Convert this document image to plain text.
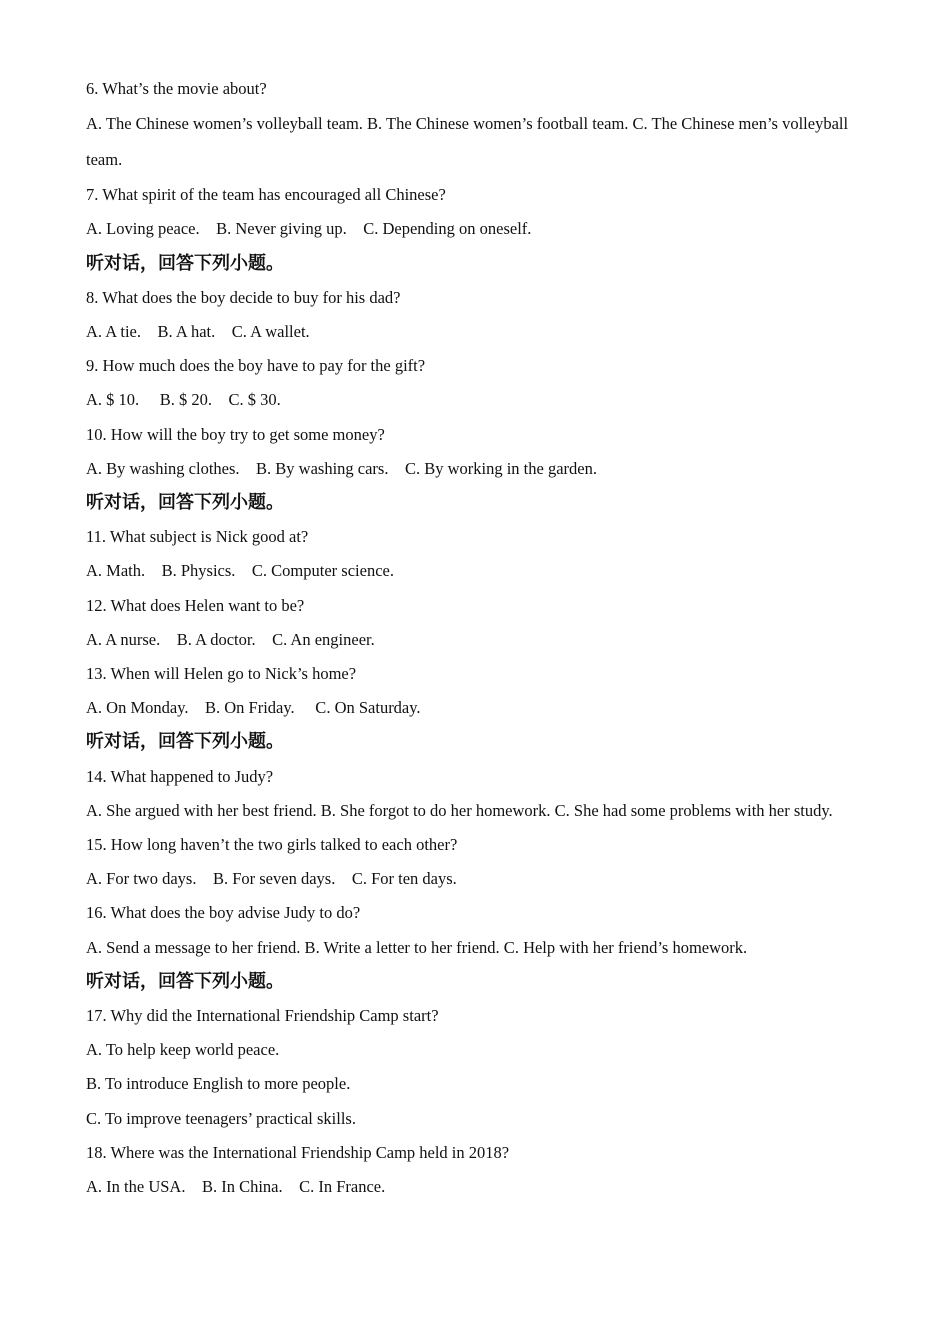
6. What’s the movie about?
A. The Chinese women’s volleyball team. B. The Chinese women’s football team. C. The Chinese men’s volleyball team.
7. What spirit of the team has encouraged all Chinese?
A. Loving peace.    B. Never giving up.    C. Depending on oneself.
听对话，回答下列小题。
8. What does the boy decide to buy for his dad?
A. A tie.    B. A hat.    C. A wallet.
9. How much does the boy have to pay for the gift?
A. $ 10.     B. $ 20.    C. $ 30.
10. How will the boy try to get some money?
A. By washing clothes.    B. By washing cars.    C. By working in the garden.
听对话，回答下列小题。
11. What subject is Nick good at?
A. Math.    B. Physics.    C. Computer science.
12. What does Helen want to be?
A. A nurse.    B. A doctor.    C. An engineer.
13. When will Helen go to Nick’s home?
A. On Monday.    B. On Friday.     C. On Saturday.
听对话，回答下列小题。
14. What happened to Judy?
A. She argued with her best friend. B. She forgot to do her homework. C. She had some problems with her study.
15. How long haven’t the two girls talked to each other?
A. For two days.    B. For seven days.    C. For ten days.
16. What does the boy advise Judy to do?
A. Send a message to her friend. B. Write a letter to her friend. C. Help with her friend’s homework.
听对话，回答下列小题。
17. Why did the International Friendship Camp start?
A. To help keep world peace.
B. To introduce English to more people.
C. To improve teenagers’ practical skills.
18. Where was the International Friendship Camp held in 2018?
A. In the USA.    B. In China.    C. In France.
